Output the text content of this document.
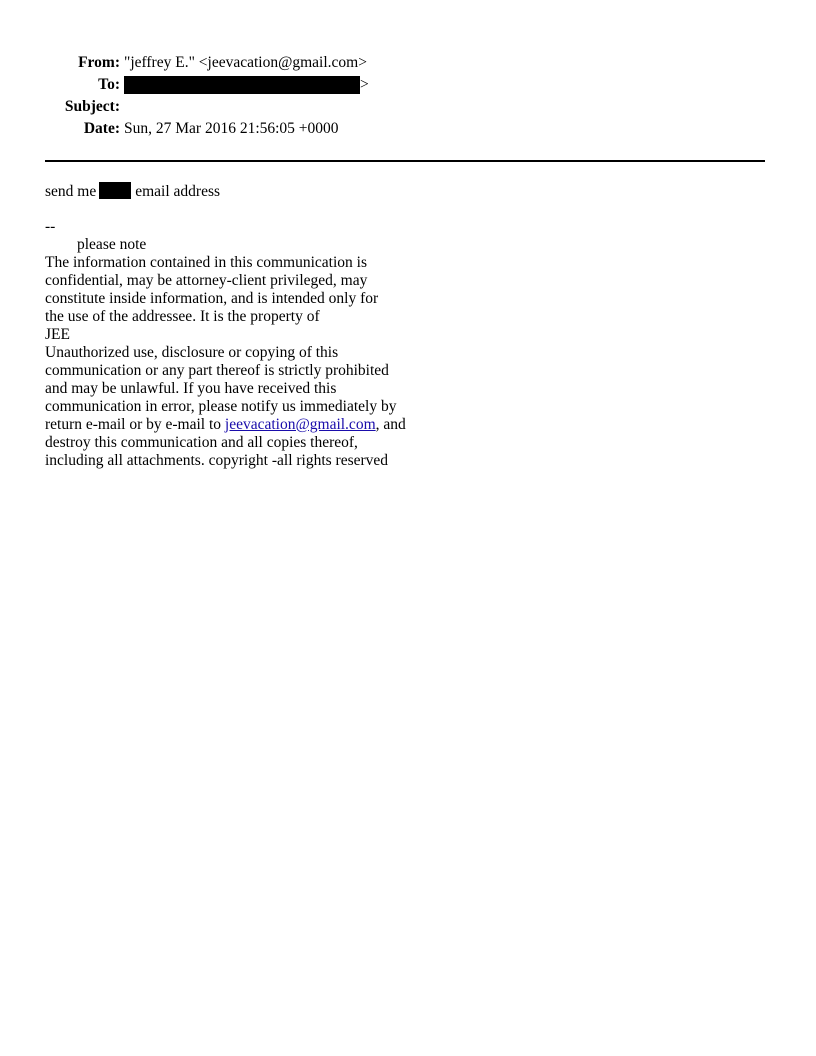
From: "jeffrey E." <jeevacation@gmail.com>
To:	>
Subject:
Date: Sun, 27 Mar 2016 21:56:05 +0000
send me	email address
--
please note
The information contained in this communication is
confidential, may be attorney-client privileged, may
constitute inside information, and is intended only for
the use of the addressee. It is the property of
JEE
Unauthorized use, disclosure or copying of this
communication or any part thereof is strictly prohibited
and may be unlawful. If you have received this
communication in error, please notify us immediately by
return e-mail or by e-mail to jeevacation@gmail.com, and
destroy this communication and all copies thereof,
including all attachments. copyright -all rights reserved
